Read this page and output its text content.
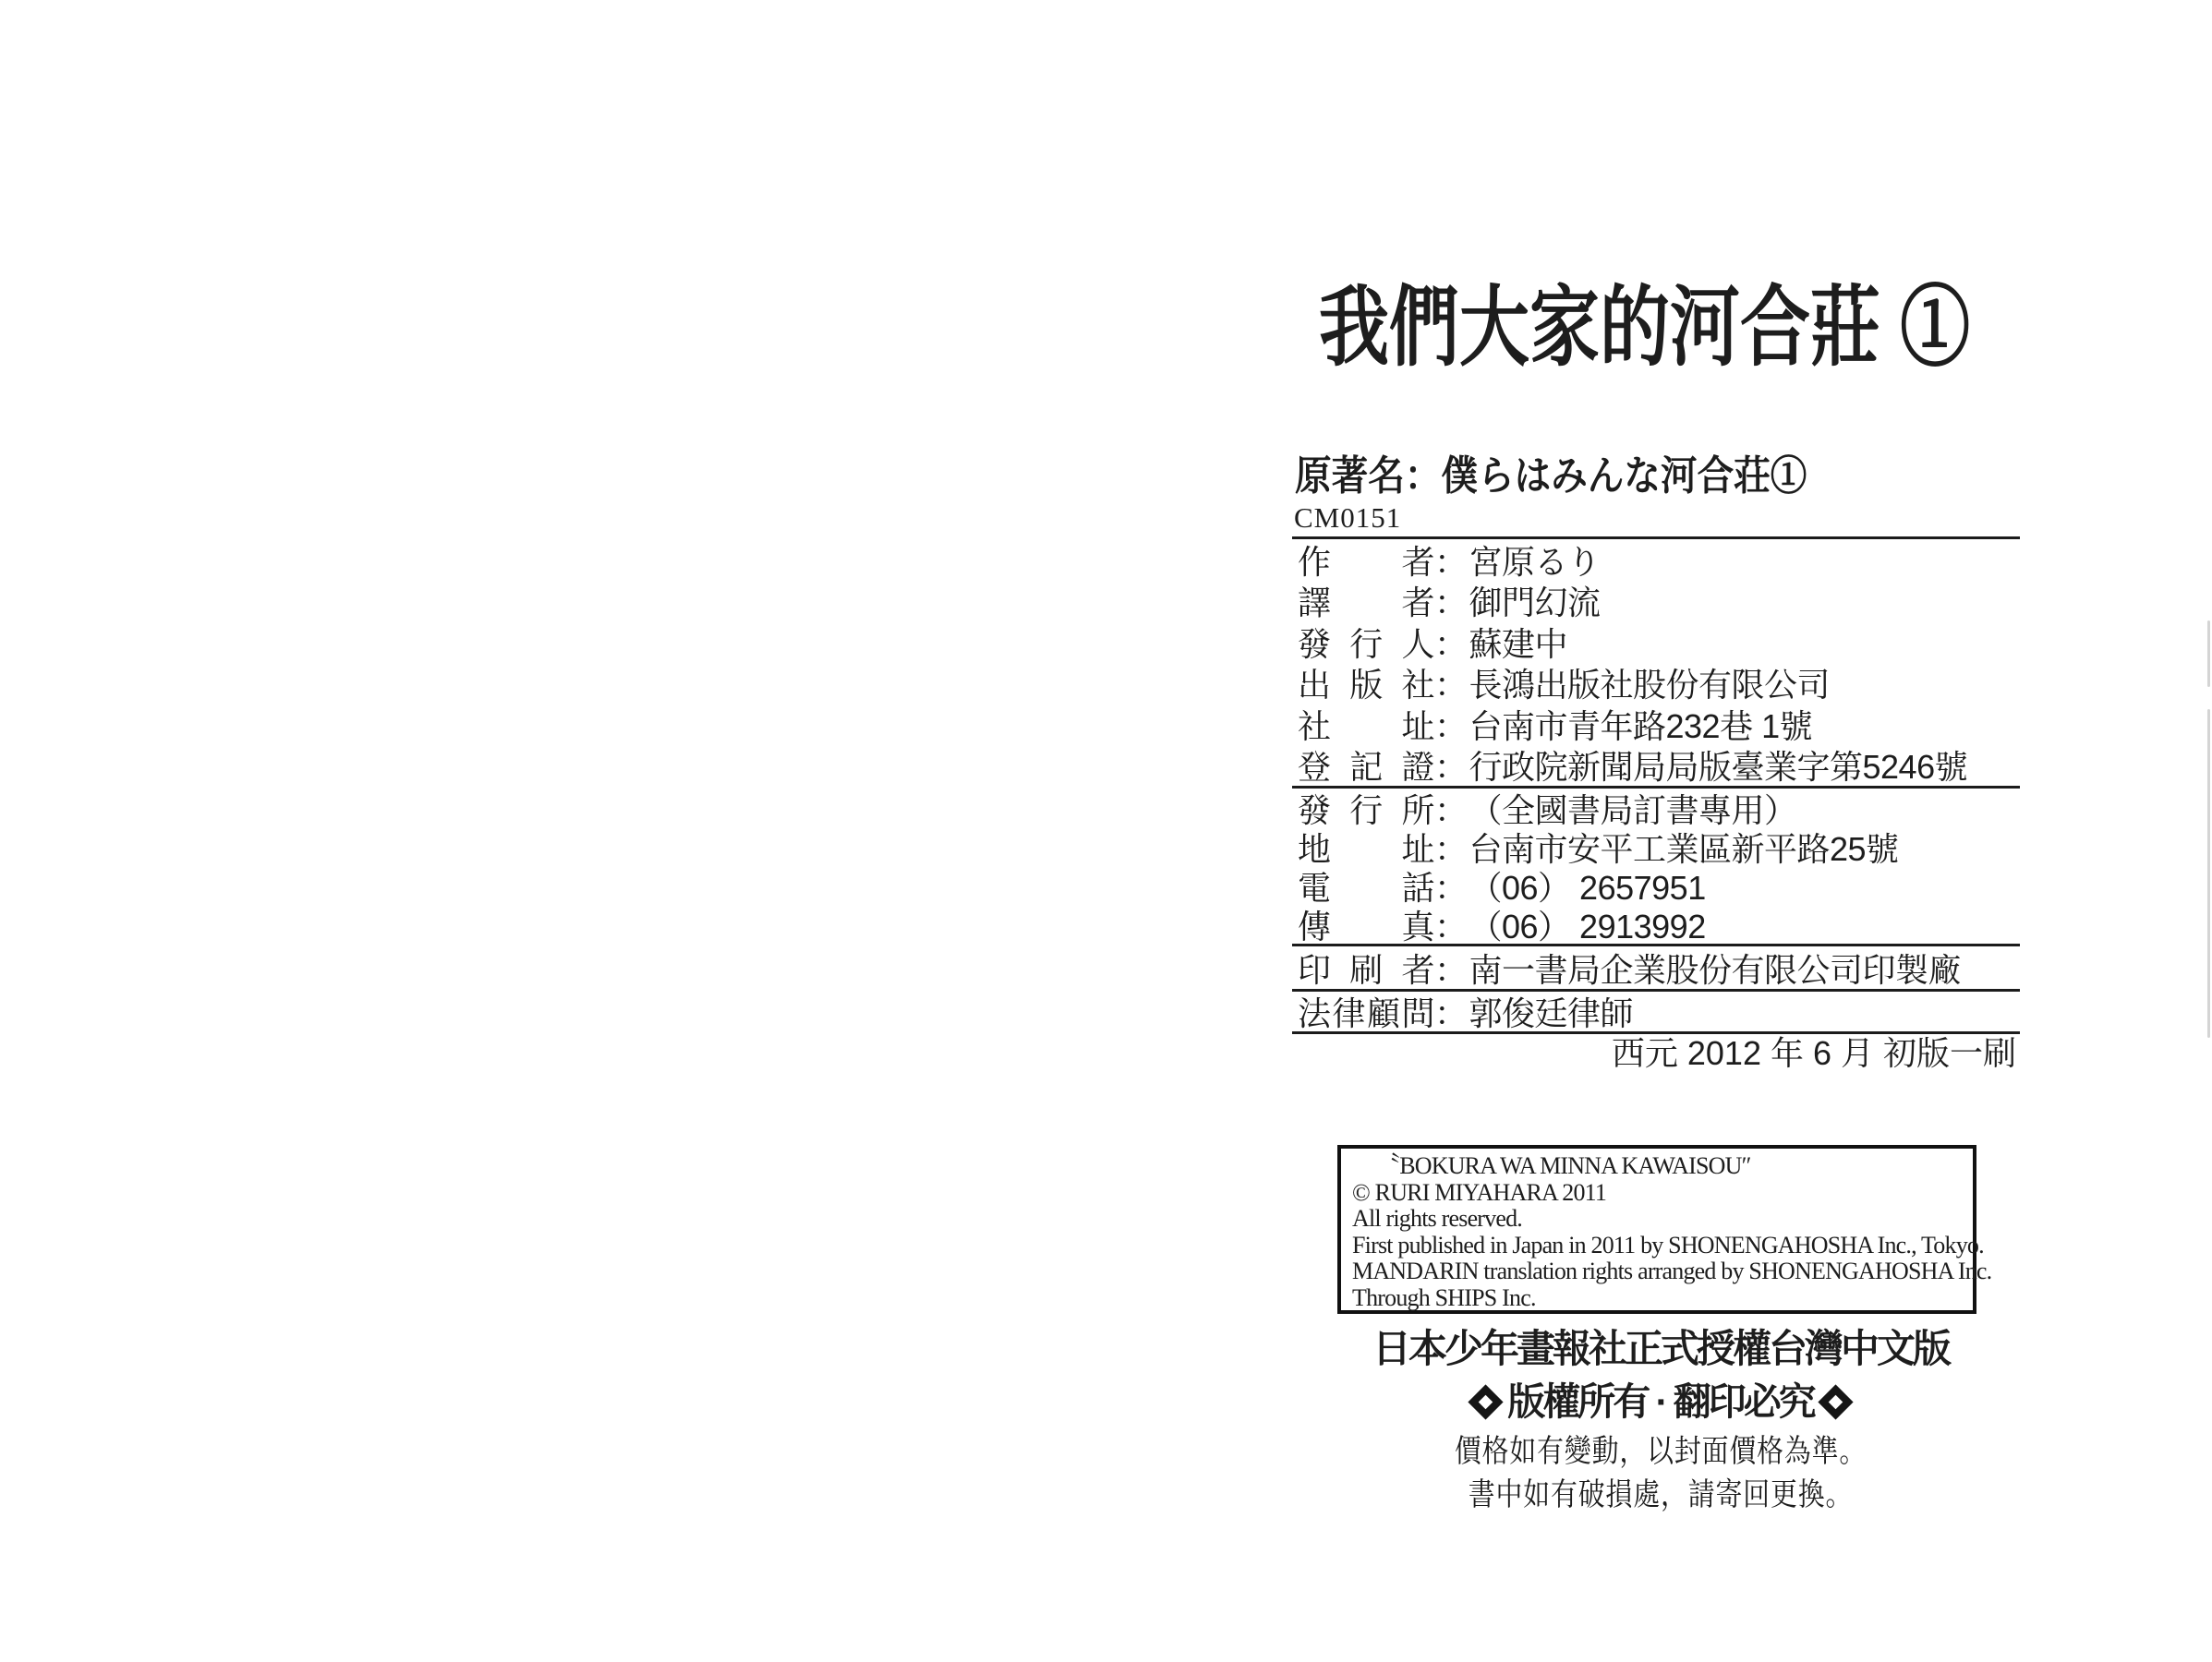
我們大家的河合莊 ①
原著名：僕らはみんな河合荘①
CM0151
作者 ： 宮原るり
譯者 ： 御門幻流
發行人 ： 蘇建中
出版社 ： 長鴻出版社股份有限公司
社址 ： 台南市青年路232巷 1號
登記證 ： 行政院新聞局局版臺業字第5246號
發行所 ： （全國書局訂書專用）
地址 ： 台南市安平工業區新平路25號
電話 ： （06） 2657951
傳真 ： （06） 2913992
印刷者 ： 南一書局企業股份有限公司印製廠
法律顧問 ： 郭俊廷律師
西元 2012 年 6 月 初版一刷
〝BOKURA WA MINNA KAWAISOU″
© RURI MIYAHARA 2011
All rights reserved.
First published in Japan in 2011 by SHONENGAHOSHA Inc., Tokyo.
MANDARIN translation rights arranged by SHONENGAHOSHA Inc.
Through SHIPS Inc.
日本少年畫報社正式授權台灣中文版
版權所有 · 翻印必究
價格如有變動，以封面價格為準。
書中如有破損處，請寄回更換。
